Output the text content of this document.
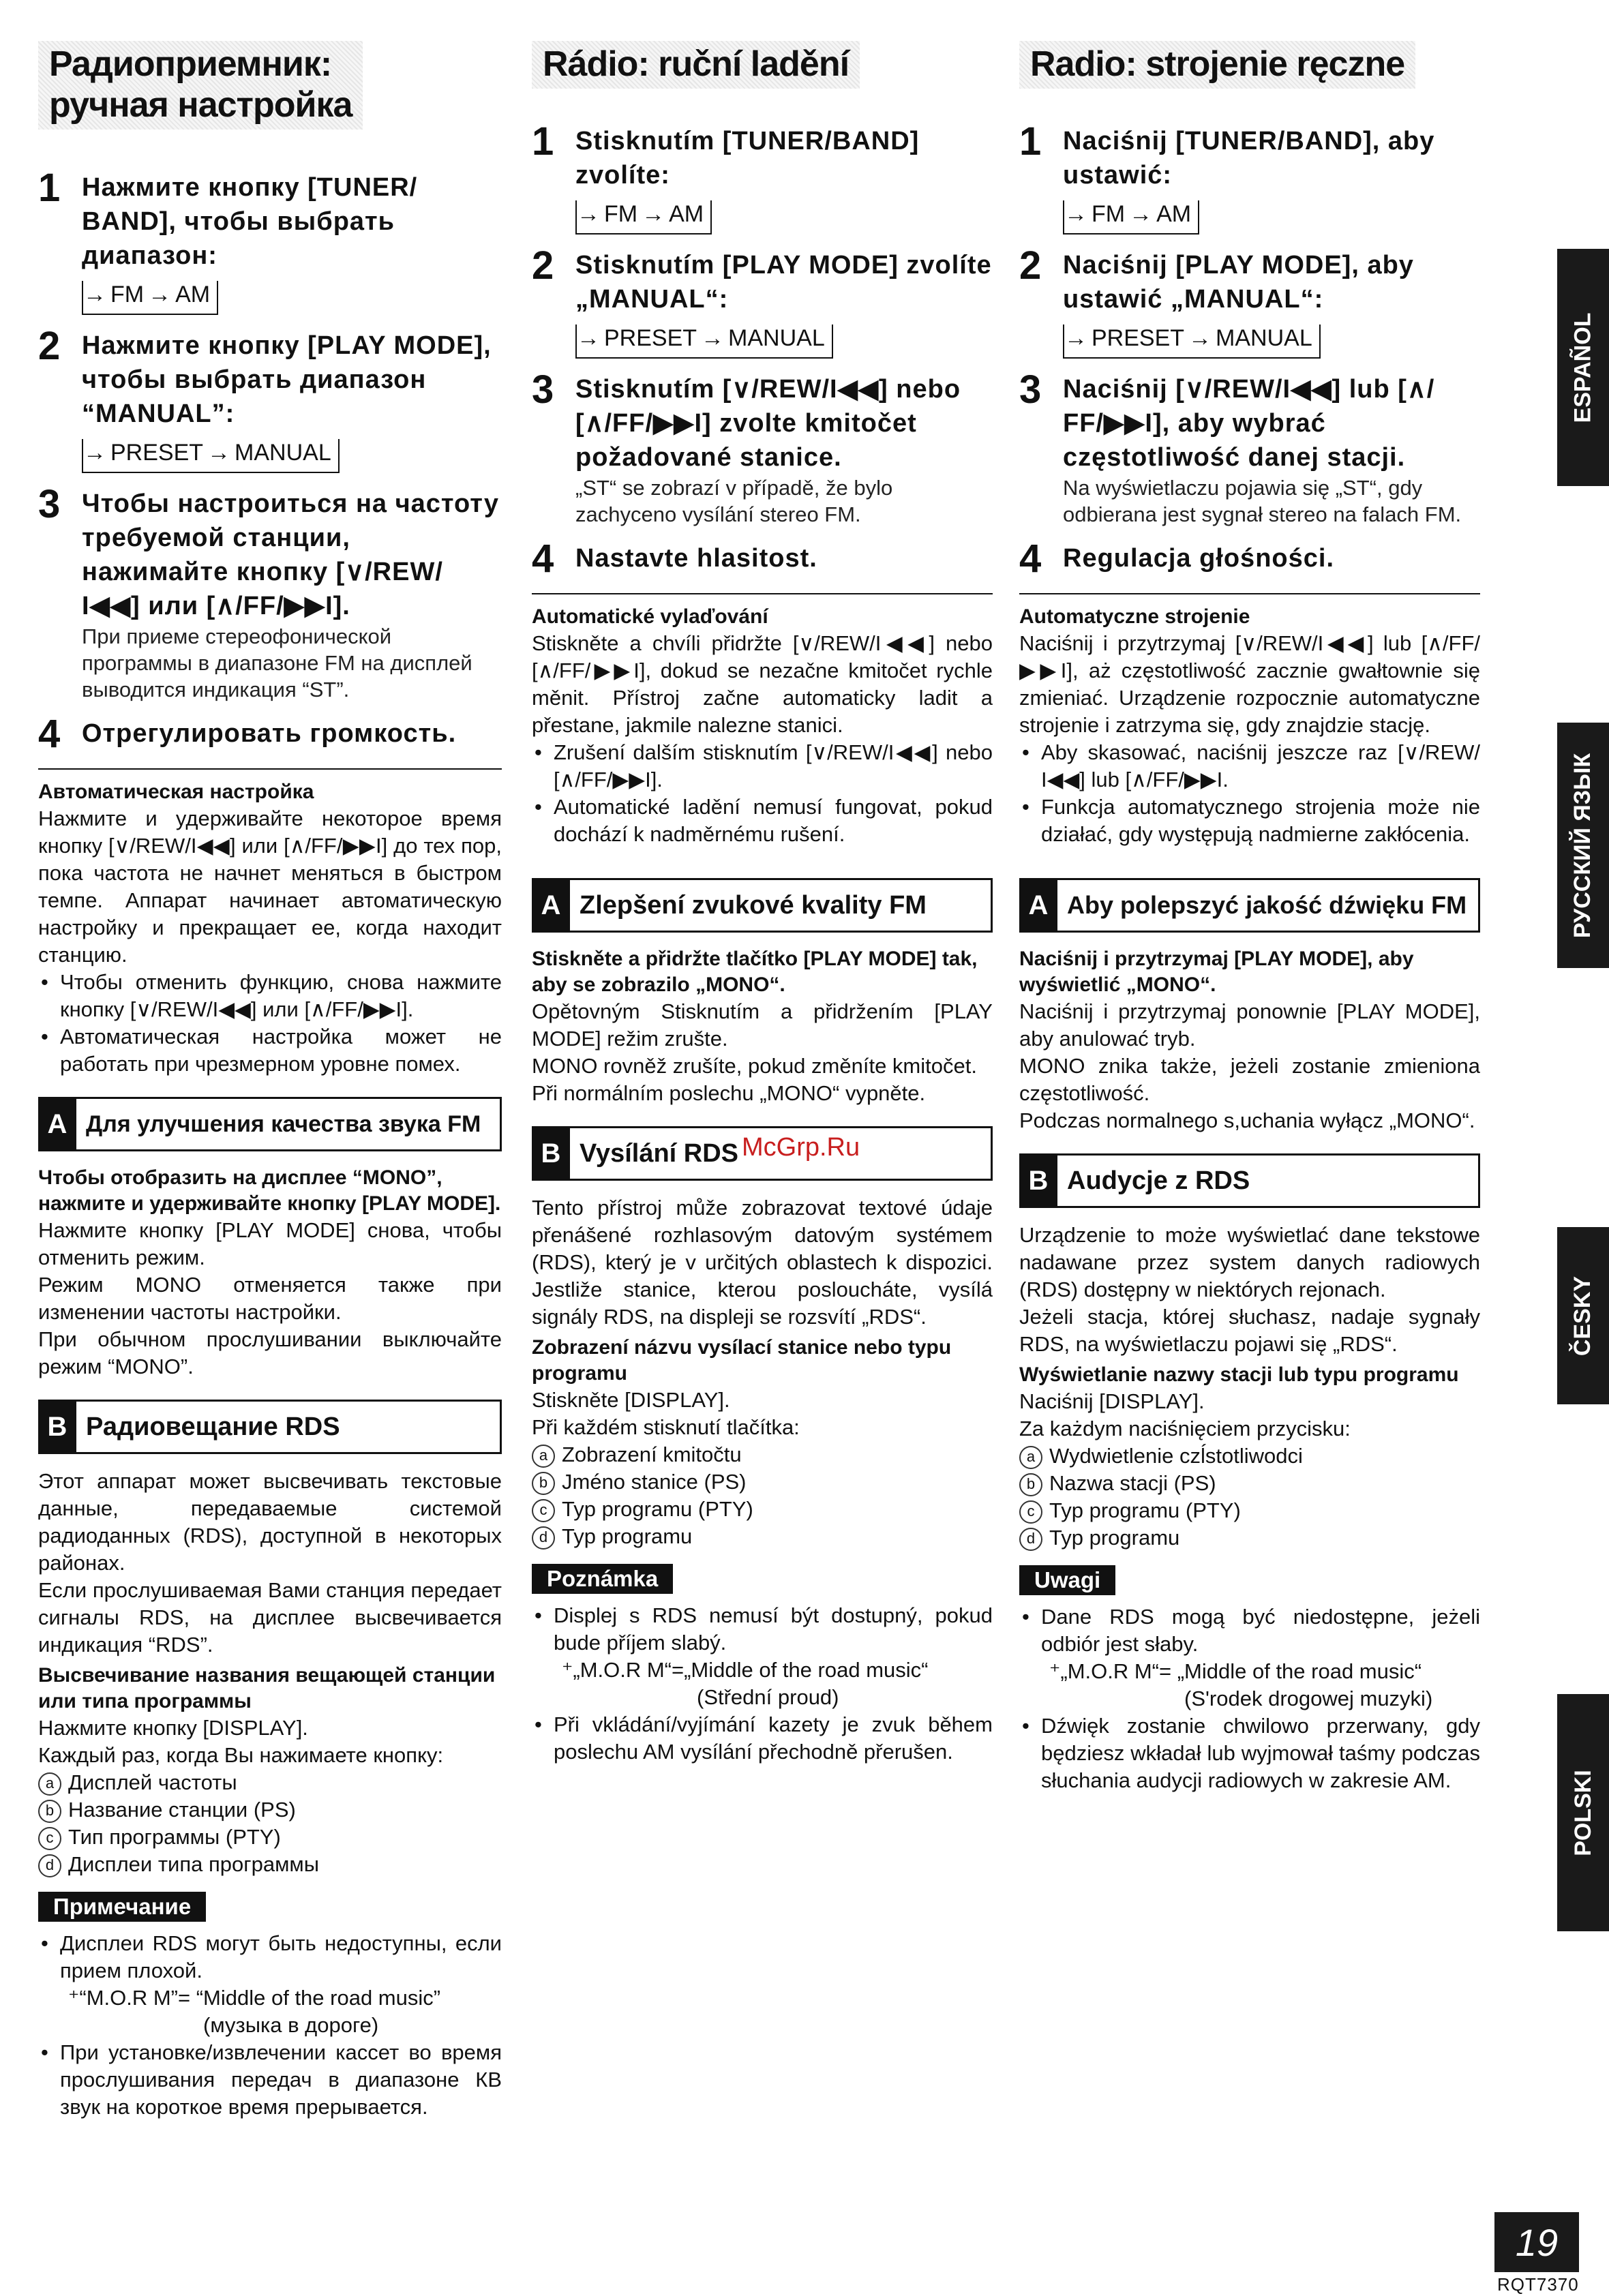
Радиоприемник:
ручная настройка
1 Нажмите кнопку [TUNER/ BAND], чтобы выбрать диапазон:
→ FM → AM
2 Нажмите кнопку [PLAY MODE], чтобы выбрать диапазон “MANUAL”:
→ PRESET → MANUAL
3 Чтобы настроиться на частоту требуемой станции, нажимайте кнопку [∨/REW/ I◀◀] или [∧/FF/▶▶I].
При приеме стереофонической программы в диапазоне FM на дисплей выводится индикация “ST”.
4 Отрегулировать громкость.
Автоматическая настройка
Нажмите и удерживайте некоторое время кнопку [∨/REW/I◀◀] или [∧/FF/▶▶I] до тех пор, пока частота не начнет меняться в быстром темпе. Аппарат начинает автоматическую настройку и прекращает ее, когда находит станцию.
• Чтобы отменить функцию, снова нажмите кнопку [∨/REW/I◀◀] или [∧/FF/▶▶I].
• Автоматическая настройка может не работать при чрезмерном уровне помех.
A Для улучшения качества звука FM
Чтобы отобразить на дисплее “MONO”, нажмите и удерживайте кнопку [PLAY MODE].

Нажмите кнопку [PLAY MODE] снова, чтобы отменить режим.

Режим MONO отменяется также при изменении частоты настройки.

При обычном прослушивании выключайте режим “MONO”.

B Радиовещание RDS

Этот аппарат может высвечивать текстовые данные, передаваемые системой радиоданных (RDS), доступной в некоторых районах.

Если прослушиваемая Вами станция передает сигналы RDS, на дисплее высвечивается индикация “RDS”.

Высвечивание названия вещающей станции или типа программы

Нажмите кнопку [DISPLAY].

Каждый раз, когда Вы нажимаете кнопку:

a Дисплей частоты
b Название станции (PS)
c Тип программы (PTY)
d Дисплеи типа программы
Примечание
• Дисплеи RDS могут быть недоступны, если прием плохой.
⁺“M.O.R M”= “Middle of the road music”
(музыка в дороге)
• При установке/извлечении кассет во время прослушивания передач в диапазоне КВ звук на короткое время прерывается.
Rádio: ruční ladění
1 Stisknutím [TUNER/BAND] zvolíte:
→ FM → AM
2 Stisknutím [PLAY MODE] zvolíte „MANUAL“:
→ PRESET → MANUAL
3 Stisknutím [∨/REW/I◀◀] nebo [∧/FF/▶▶I] zvolte kmitočet požadované stanice.
„ST“ se zobrazí v případě, že bylo zachyceno vysílání stereo FM.
4 Nastavte hlasitost.
Automatické vylaďování
Stiskněte a chvíli přidržte [∨/REW/I◀◀] nebo [∧/FF/▶▶I], dokud se nezačne kmitočet rychle měnit. Přístroj začne automaticky ladit a přestane, jakmile nalezne stanici.
• Zrušení dalším stisknutím [∨/REW/I◀◀] nebo [∧/FF/▶▶I].
• Automatické ladění nemusí fungovat, pokud dochází k nadměrnému rušení.
A Zlepšení zvukové kvality FM
Stiskněte a přidržte tlačítko [PLAY MODE] tak, aby se zobrazilo „MONO“.

Opětovným Stisknutím a přidržením [PLAY MODE] režim zrušte.

MONO rovněž zrušíte, pokud změníte kmitočet.

Při normálním poslechu „MONO“ vypněte.

B Vysílání RDS
Tento přístroj může zobrazovat textové údaje přenášené rozhlasovým datovým systémem (RDS), který je v určitých oblastech k dispozici. Jestliže stanice, kterou posloucháte, vysílá signály RDS, na displeji se rozsvítí „RDS“.
Zobrazení názvu vysílací stanice nebo typu programu

Stiskněte [DISPLAY].

Při každém stisknutí tlačítka:

a Zobrazení kmitočtu
b Jméno stanice (PS)
c Typ programu (PTY)
d Typ programu
Poznámka
• Displej s RDS nemusí být dostupný, pokud bude příjem slabý.
⁺„M.O.R M“=„Middle of the road music“
(Střední proud)
• Při vkládání/vyjímání kazety je zvuk během poslechu AM vysílání přechodně přerušen.
Radio: strojenie ręczne
1 Naciśnij [TUNER/BAND], aby ustawić:
→ FM → AM
2 Naciśnij [PLAY MODE], aby ustawić „MANUAL“:
→ PRESET → MANUAL
3 Naciśnij [∨/REW/I◀◀] lub [∧/ FF/▶▶I], aby wybrać częstotliwość danej stacji.
Na wyświetlaczu pojawia się „ST“, gdy odbierana jest sygnał stereo na falach FM.
4 Regulacja głośności.
Automatyczne strojenie
Naciśnij i przytrzymaj [∨/REW/I◀◀] lub [∧/FF/ ▶▶I], aż częstotliwość zacznie gwałtownie się zmieniać. Urządzenie rozpocznie automatyczne strojenie i zatrzyma się, gdy znajdzie stację.
• Aby skasować, naciśnij jeszcze raz [∨/REW/ I◀◀] lub [∧/FF/▶▶I.
• Funkcja automatycznego strojenia może nie działać, gdy występują nadmierne zakłócenia.
A Aby polepszyć jakość dźwięku FM
Naciśnij i przytrzymaj [PLAY MODE], aby wyświetlić „MONO“.

Naciśnij i przytrzymaj ponownie [PLAY MODE], aby anulować tryb.

MONO znika także, jeżeli zostanie zmieniona częstotliwość.

Podczas normalnego s,uchania wyłącz „MONO“.

B Audycje z RDS

Urządzenie to może wyświetlać dane tekstowe nadawane przez system danych radiowych (RDS) dostępny w niektórych rejonach.

Jeżeli stacja, której słuchasz, nadaje sygnały RDS, na wyświetlaczu pojawi się „RDS“.

Wyświetlanie nazwy stacji lub typu programu

Naciśnij [DISPLAY].

Za każdym naciśnięciem przycisku:

a Wydwietlenie czĺstotliwodci
b Nazwa stacji (PS)
c Typ programu (PTY)
d Typ programu
Uwagi
• Dane RDS mogą być niedostępne, jeżeli odbiór jest słaby.
⁺„M.O.R M“= „Middle of the road music“
(S'rodek drogowej muzyki)
• Dźwięk zostanie chwilowo przerwany, gdy będziesz wkładał lub wyjmował taśmy podczas słuchania audycji radiowych w zakresie AM.
ESPAÑOL
РУССКИЙ ЯЗЫК
ČESKY
POLSKI
McGrp.Ru
19
RQT7370
